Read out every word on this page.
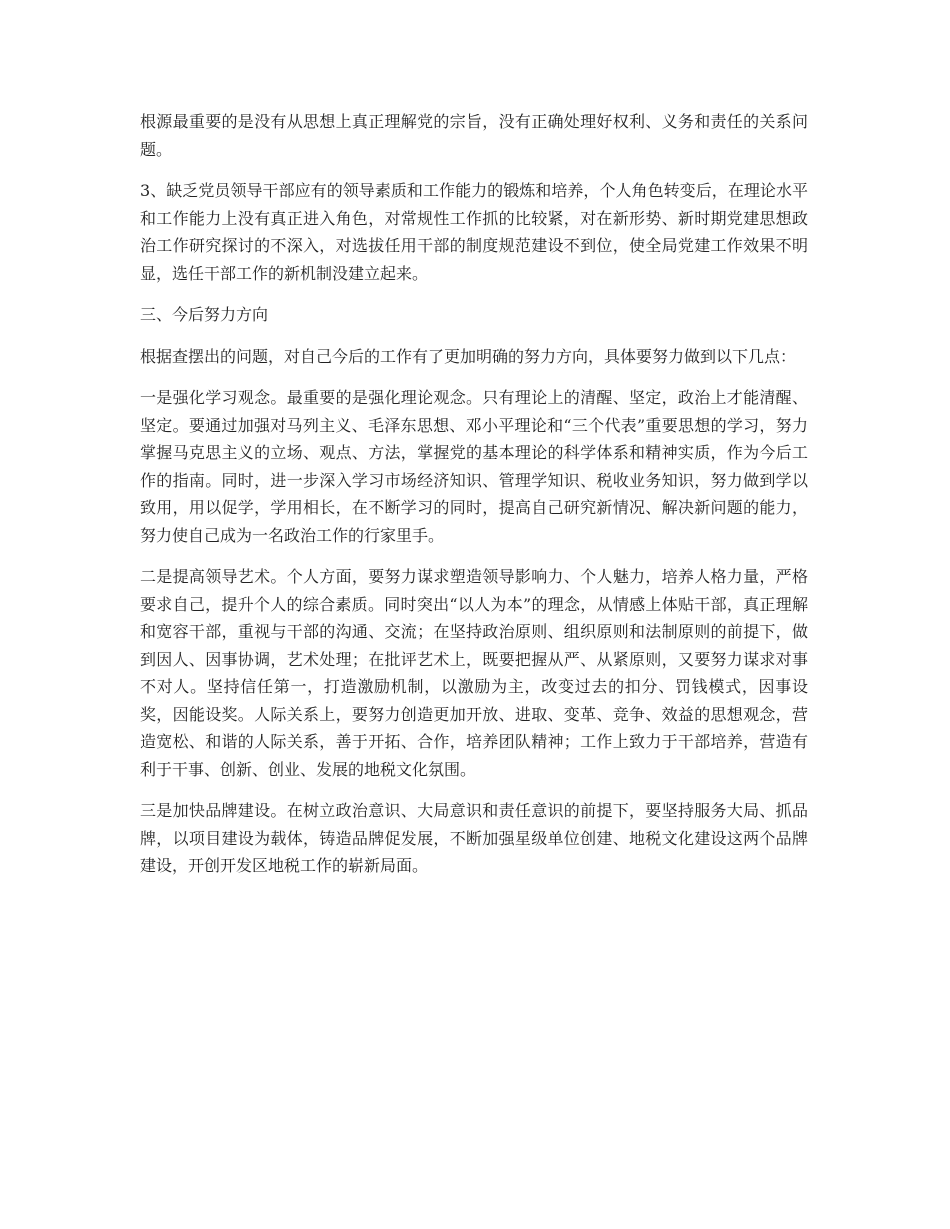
根源最重要的是没有从思想上真正理解党的宗旨，没有正确处理好权利、义务和责任的关系问题。

3、缺乏党员领导干部应有的领导素质和工作能力的锻炼和培养，个人角色转变后，在理论水平和工作能力上没有真正进入角色，对常规性工作抓的比较紧，对在新形势、新时期党建思想政治工作研究探讨的不深入，对选拔任用干部的制度规范建设不到位，使全局党建工作效果不明显，选任干部工作的新机制没建立起来。

三、今后努力方向

根据查摆出的问题，对自己今后的工作有了更加明确的努力方向，具体要努力做到以下几点：

一是强化学习观念。最重要的是强化理论观念。只有理论上的清醒、坚定，政治上才能清醒、坚定。要通过加强对马列主义、毛泽东思想、邓小平理论和“三个代表”重要思想的学习，努力掌握马克思主义的立场、观点、方法，掌握党的基本理论的科学体系和精神实质，作为今后工作的指南。同时，进一步深入学习市场经济知识、管理学知识、税收业务知识，努力做到学以致用，用以促学，学用相长，在不断学习的同时，提高自己研究新情况、解决新问题的能力，努力使自己成为一名政治工作的行家里手。

二是提高领导艺术。个人方面，要努力谋求塑造领导影响力、个人魅力，培养人格力量，严格要求自己，提升个人的综合素质。同时突出“以人为本”的理念，从情感上体贴干部，真正理解和宽容干部，重视与干部的沟通、交流；在坚持政治原则、组织原则和法制原则的前提下，做到因人、因事协调，艺术处理；在批评艺术上，既要把握从严、从紧原则，又要努力谋求对事不对人。坚持信任第一，打造激励机制，以激励为主，改变过去的扣分、罚钱模式，因事设奖，因能设奖。人际关系上，要努力创造更加开放、进取、变革、竞争、效益的思想观念，营造宽松、和谐的人际关系，善于开拓、合作，培养团队精神；工作上致力于干部培养，营造有利于干事、创新、创业、发展的地税文化氛围。

三是加快品牌建设。在树立政治意识、大局意识和责任意识的前提下，要坚持服务大局、抓品牌，以项目建设为载体，铸造品牌促发展，不断加强星级单位创建、地税文化建设这两个品牌建设，开创开发区地税工作的崭新局面。
